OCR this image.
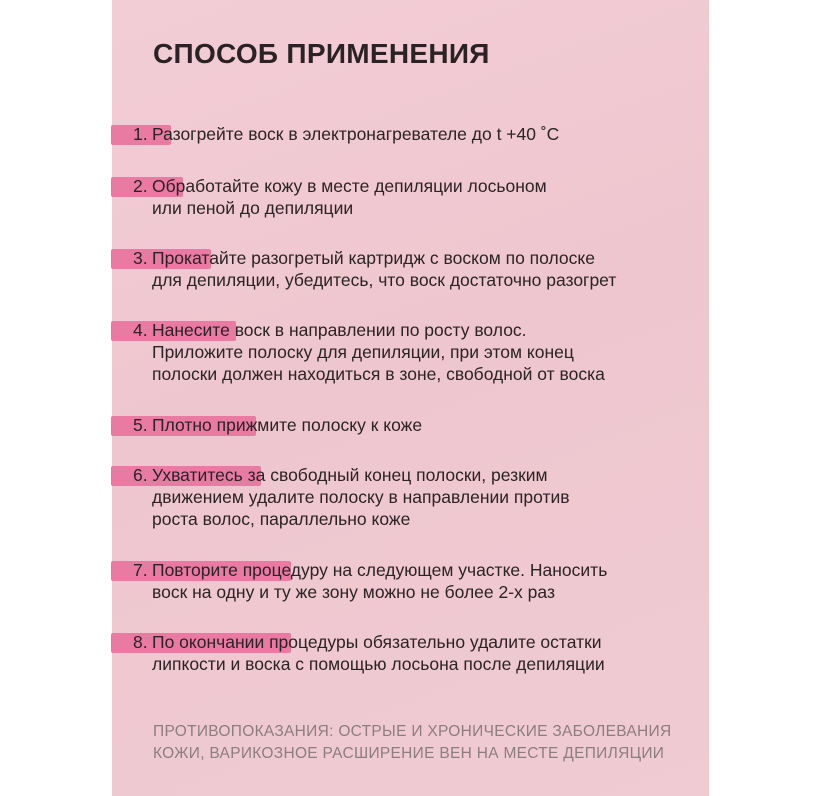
СПОСОБ ПРИМЕНЕНИЯ
1. Разогрейте воск в электронагревателе до t +40 ˚C
2. Обработайте кожу в месте депиляции лосьоном
или пеной до депиляции
3. Прокатайте разогретый картридж с воском по полоске
для депиляции, убедитесь, что воск достаточно разогрет
4. Нанесите воск в направлении по росту волос.
Приложите полоску для депиляции, при этом конец
полоски должен находиться в зоне, свободной от воска
5. Плотно прижмите полоску к коже
6. Ухватитесь за свободный конец полоски, резким
движением удалите полоску в направлении против
роста волос, параллельно коже
7. Повторите процедуру на следующем участке. Наносить
воск на одну и ту же зону можно не более 2-х раз
8. По окончании процедуры обязательно удалите остатки
липкости и воска с помощью лосьона после депиляции
ПРОТИВОПОКАЗАНИЯ: ОСТРЫЕ И ХРОНИЧЕСКИЕ ЗАБОЛЕВАНИЯ
КОЖИ, ВАРИКОЗНОЕ РАСШИРЕНИЕ ВЕН НА МЕСТЕ ДЕПИЛЯЦИИ
